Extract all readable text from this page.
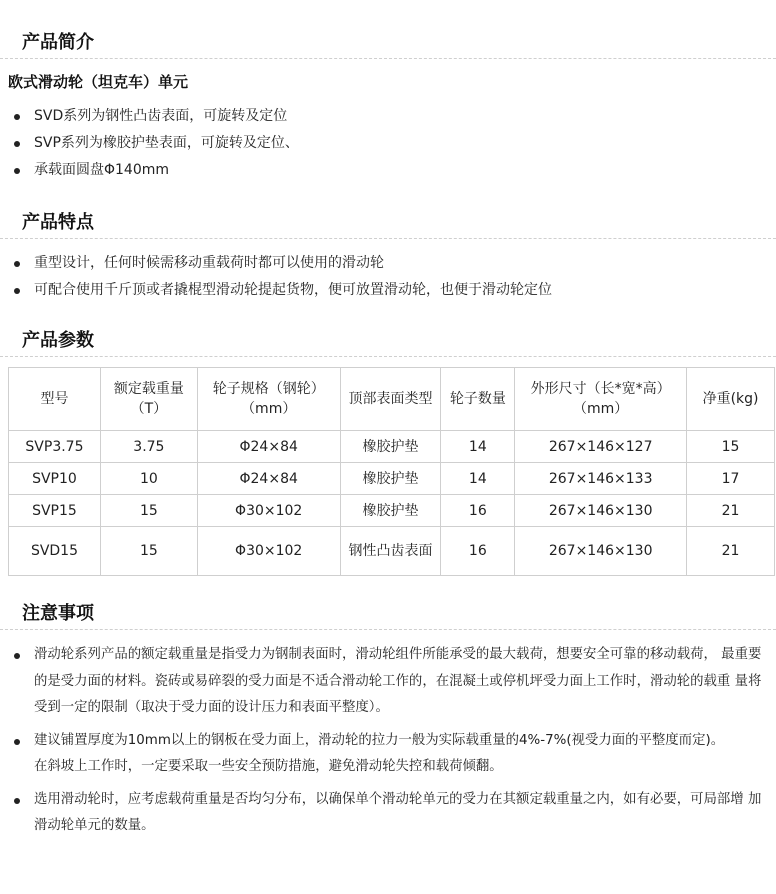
产品简介
欧式滑动轮（坦克车）单元
SVD系列为钢性凸齿表面，可旋转及定位
SVP系列为橡胶护垫表面，可旋转及定位、
承载面圆盘Φ140mm
产品特点
重型设计，任何时候需移动重载荷时都可以使用的滑动轮
可配合使用千斤顶或者撬棍型滑动轮提起货物，便可放置滑动轮，也便于滑动轮定位
产品参数
型号	额定载重量（T）	轮子规格（钢轮）（mm）	顶部表面类型	轮子数量	外形尺寸（长*宽*高）（mm）	净重(kg)
SVP3.75	3.75	Φ24×84	橡胶护垫	14	267×146×127	15
SVP10	10	Φ24×84	橡胶护垫	14	267×146×133	17
SVP15	15	Φ30×102	橡胶护垫	16	267×146×130	21
SVD15	15	Φ30×102	钢性凸齿表面	16	267×146×130	21
注意事项
滑动轮系列产品的额定载重量是指受力为钢制表面时，滑动轮组件所能承受的最大载荷，想要安全可靠的移动载荷， 最重要的是受力面的材料。瓷砖或易碎裂的受力面是不适合滑动轮工作的，在混凝土或停机坪受力面上工作时，滑动轮的载重 量将受到一定的限制（取决于受力面的设计压力和表面平整度）。
建议铺置厚度为10mm以上的钢板在受力面上，滑动轮的拉力一般为实际载重量的4%-7%(视受力面的平整度而定)。
在斜坡上工作时，一定要采取一些安全预防措施，避免滑动轮失控和载荷倾翻。
选用滑动轮时，应考虑载荷重量是否均匀分布，以确保单个滑动轮单元的受力在其额定载重量之内，如有必要，可局部增 加滑动轮单元的数量。
